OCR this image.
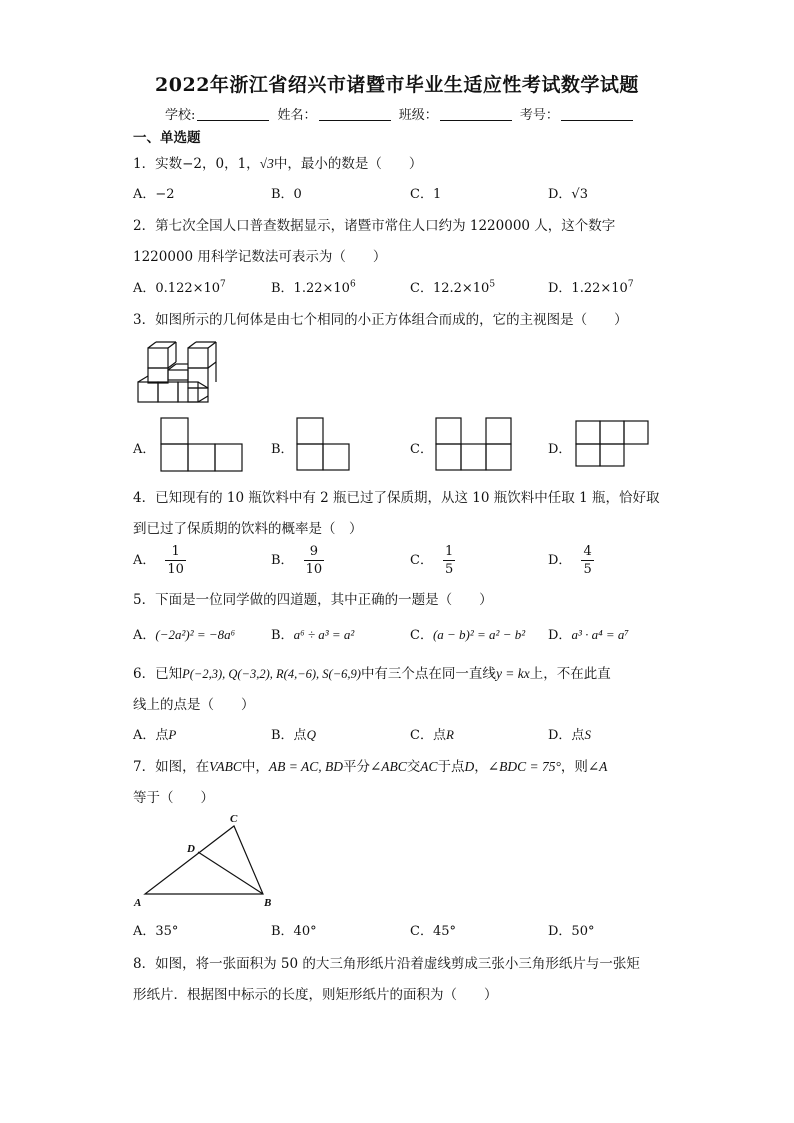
2022年浙江省绍兴市诸暨市毕业生适应性考试数学试题
学校:	姓名：	班级：	考号：
一、单选题
1．实数−2，0，1，√3中，最小的数是（　　）
A．−2	B．0	C．1	D．√3
2．第七次全国人口普查数据显示，诸暨市常住人口约为 1220000 人，这个数字
1220000 用科学记数法可表示为（　　）
A．$0.122\times 10^7$	B．$1.22\times 10^6$	C．$12.2\times 10^5$	D．$1.22\times 10^7$
3．如图所示的几何体是由七个相同的小正方体组合而成的，它的主视图是（　　）
A．	B．	C．	D．
4．已知现有的 10 瓶饮料中有 2 瓶已过了保质期，从这 10 瓶饮料中任取 1 瓶，恰好取
到已过了保质期的饮料的概率是（　）
A． $\frac{1}{10}$	B． $\frac{9}{10}$	C． $\frac{1}{5}$	D． $\frac{4}{5}$
5．下面是一位同学做的四道题，其中正确的一题是（　　）
A．(−2a²)² = −8a⁶	B．a⁶ ÷ a³ = a²	C．(a − b)² = a² − b² D．a³ · a⁴ = a⁷
6．已知P(−2,3), Q(−3,2), R(4,−6), S(−6,9)中有三个点在同一直线y = kx上，不在此直
线上的点是（　　）
A．点P	B．点Q	C．点R	D．点S
7．如图，在VABC中，AB = AC, BD平分∠ABC交AC于点D，∠BDC = 75°，则∠A
等于（　　）
A	B
C
D
A．35°	B．40°	C．45°	D．50°
8．如图，将一张面积为 50 的大三角形纸片沿着虚线剪成三张小三角形纸片与一张矩
形纸片．根据图中标示的长度，则矩形纸片的面积为（　　）
